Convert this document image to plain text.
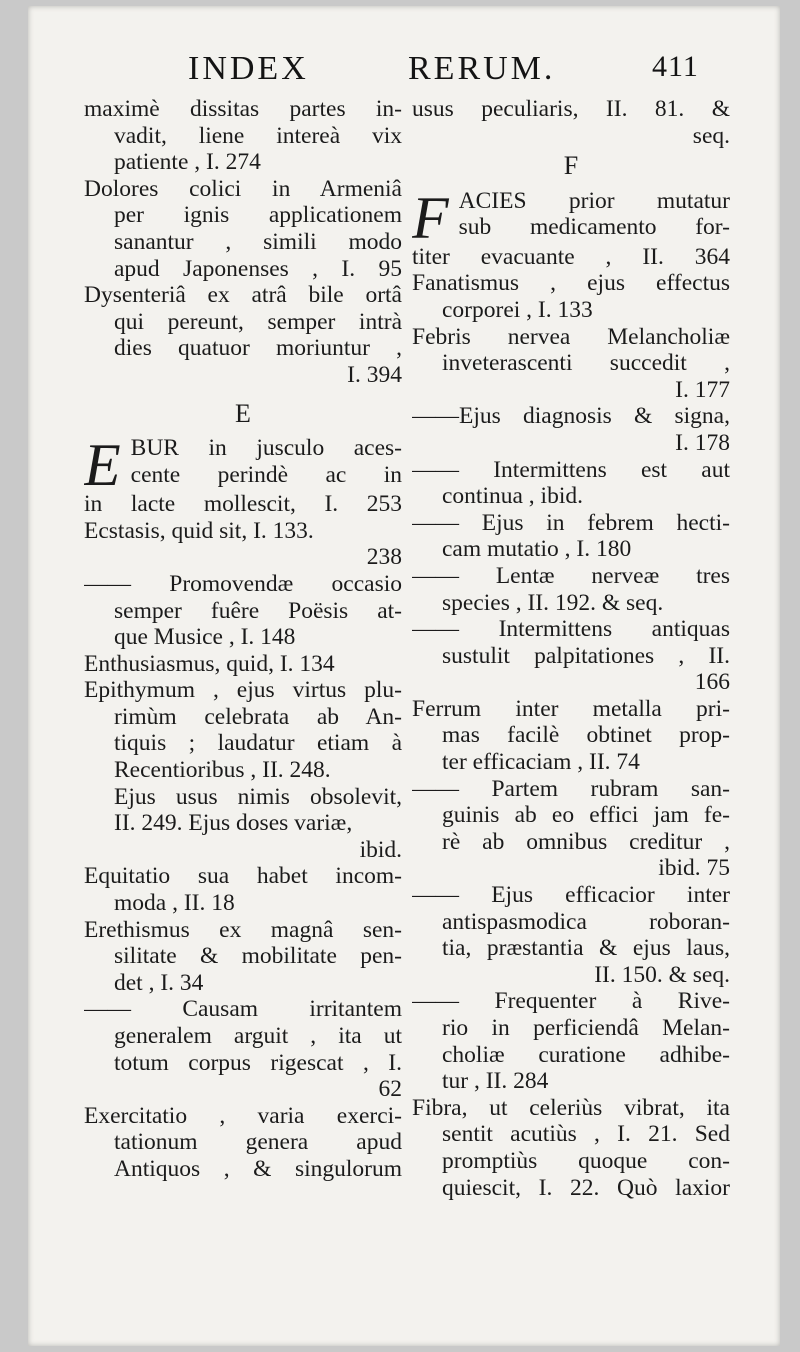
INDEX	RERUM.	411
maximè dissitas partes in-
vadit, liene intereà vix
patiente , I. 274
Dolores colici in Armeniâ
per ignis applicationem
sanantur , simili modo
apud Japonenses , I. 95
Dysenteriâ ex atrâ bile ortâ
qui pereunt, semper intrà
dies quatuor moriuntur ,
I. 394
E
E BUR in jusculo aces-
cente perindè ac in
in lacte mollescit, I. 253
Ecstasis, quid sit, I. 133.
238
—— Promovendæ occasio
semper fuêre Poësis at-
que Musice , I. 148
Enthusiasmus, quid, I. 134
Epithymum , ejus virtus plu-
rimùm celebrata ab An-
tiquis ; laudatur etiam à
Recentioribus , II. 248.
Ejus usus nimis obsolevit,
II. 249. Ejus doses variæ,
ibid.
Equitatio sua habet incom-
moda , II. 18
Erethismus ex magnâ sen-
silitate & mobilitate pen-
det , I. 34
—— Causam irritantem
generalem arguit , ita ut
totum corpus rigescat , I.
62
Exercitatio , varia exerci-
tationum genera apud
Antiquos , & singulorum
usus peculiaris, II. 81. &
seq.
F
F ACIES prior mutatur
sub medicamento for-
titer evacuante , II. 364
Fanatismus , ejus effectus
corporei , I. 133
Febris nervea Melancholiæ
inveterascenti succedit ,
I. 177
——Ejus diagnosis & signa,
I. 178
—— Intermittens est aut
continua , ibid.
—— Ejus in febrem hecti-
cam mutatio , I. 180
—— Lentæ nerveæ tres
species , II. 192. & seq.
—— Intermittens antiquas
sustulit palpitationes , II.
166
Ferrum inter metalla pri-
mas facilè obtinet prop-
ter efficaciam , II. 74
—— Partem rubram san-
guinis ab eo effici jam fe-
rè ab omnibus creditur ,
ibid. 75
—— Ejus efficacior inter
antispasmodica roboran-
tia, præstantia & ejus laus,
II. 150. & seq.
—— Frequenter à Rive-
rio in perficiendâ Melan-
choliæ curatione adhibe-
tur , II. 284
Fibra, ut celeriùs vibrat, ita
sentit acutiùs , I. 21. Sed
promptiùs quoque con-
quiescit, I. 22. Quò laxior
